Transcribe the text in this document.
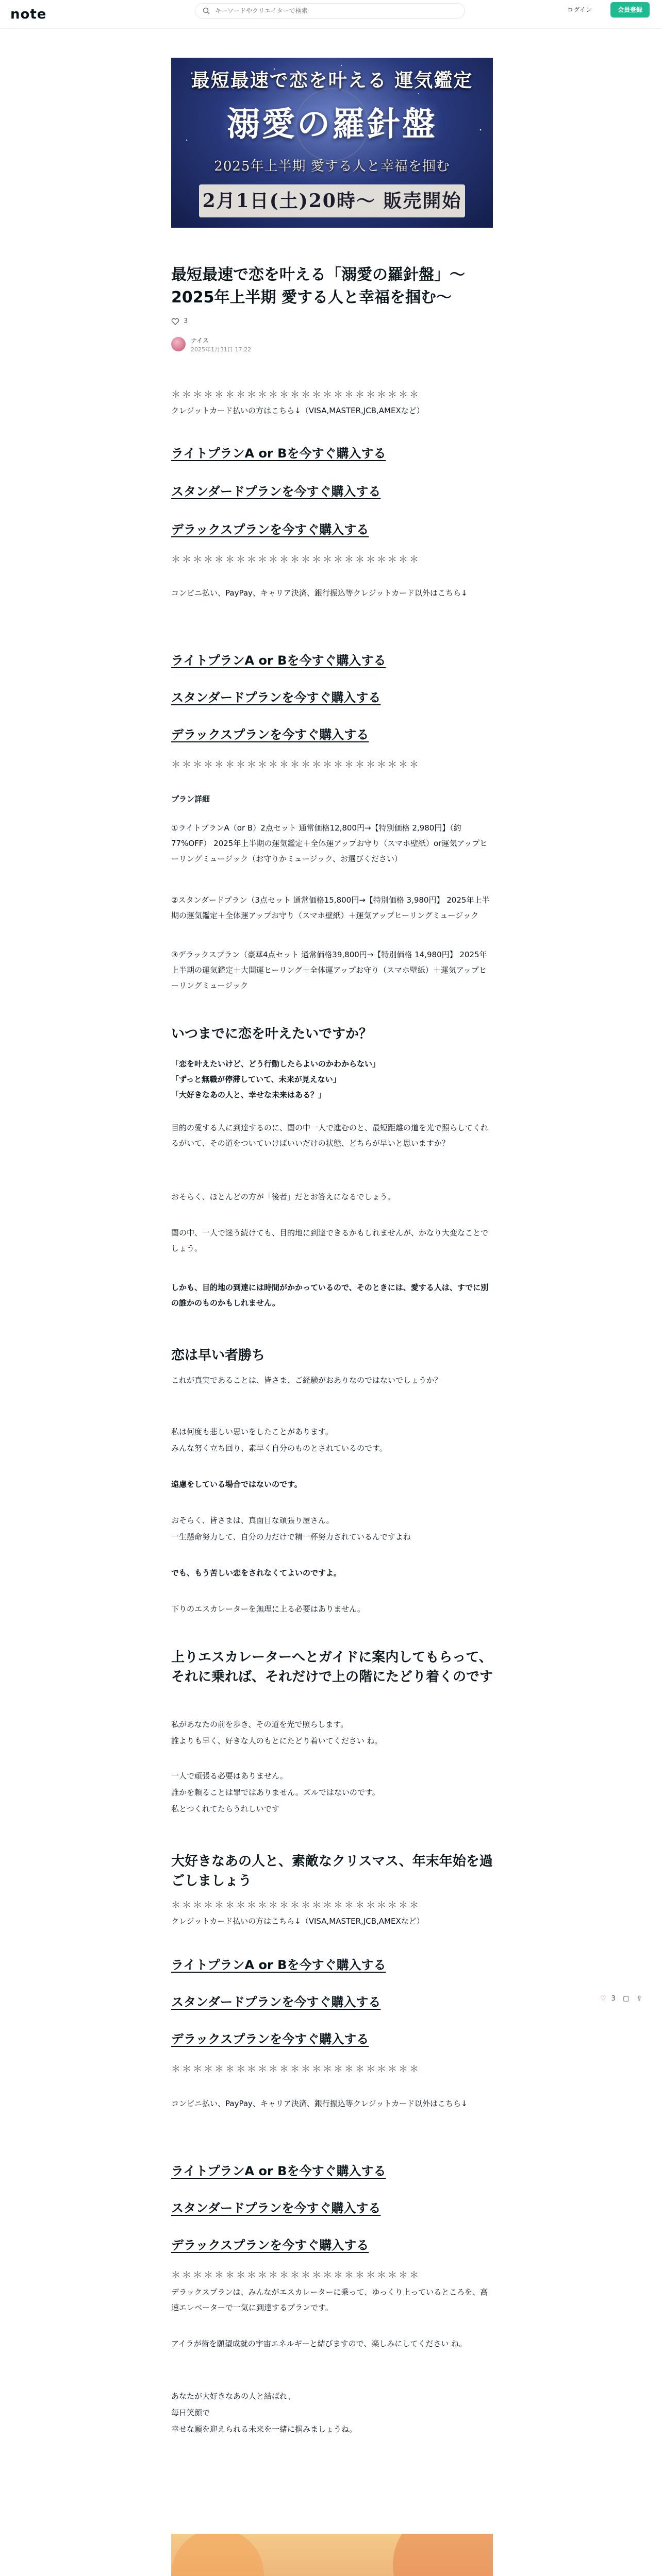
note
キーワードやクリエイターで検索	ログイン	会員登録
最短最速で恋を叶える 運気鑑定
溺愛の羅針盤
2025年上半期 愛する人と幸福を掴む
2月1日(土)20時〜 販売開始
最短最速で恋を叶える「溺愛の羅針盤」〜2025年上半期 愛する人と幸福を掴む〜
3
ナイス
2025年1月31日 17:22
＊＊＊＊＊＊＊＊＊＊＊＊＊＊＊＊＊＊＊＊＊＊＊
クレジットカード払いの方はこちら↓（VISA,MASTER,JCB,AMEXなど）
ライトプランA or Bを今すぐ購入する
スタンダードプランを今すぐ購入する
デラックスプランを今すぐ購入する
＊＊＊＊＊＊＊＊＊＊＊＊＊＊＊＊＊＊＊＊＊＊＊
コンビニ払い、PayPay、キャリア決済、銀行振込等クレジットカード以外はこちら↓
ライトプランA or Bを今すぐ購入する
スタンダードプランを今すぐ購入する
デラックスプランを今すぐ購入する
＊＊＊＊＊＊＊＊＊＊＊＊＊＊＊＊＊＊＊＊＊＊＊
プラン詳細
①ライトプランA（or B）2点セット 通常価格12,800円→【特別価格 2,980円】（約77%OFF） 2025年上半期の運気鑑定＋全体運アップお守り（スマホ壁紙）or運気アップヒーリングミュージック（お守りかミュージック、お選びください）
②スタンダードプラン（3点セット 通常価格15,800円→【特別価格 3,980円】 2025年上半期の運気鑑定＋全体運アップお守り（スマホ壁紙）＋運気アップヒーリングミュージック
③デラックスプラン（豪華4点セット 通常価格39,800円→【特別価格 14,980円】 2025年上半期の運気鑑定＋大開運ヒーリング＋全体運アップお守り（スマホ壁紙）＋運気アップヒーリングミュージック
いつまでに恋を叶えたいですか？
「恋を叶えたいけど、どう行動したらよいのかわからない」
「ずっと無職が停滞していて、未来が見えない」
「大好きなあの人と、幸せな未来はある？」
目的の愛する人に到達するのに、闇の中一人で進むのと、最短距離の道を光で照らしてくれるがいて、その道をついていけばいいだけの状態、どちらが早いと思いますか？
おそらく、ほとんどの方が「後者」だとお答えになるでしょう。
闇の中、一人で迷う続けても、目的地に到達できるかもしれませんが、かなり大変なことでしょう。
しかも、目的地の到達には時間がかかっているので、そのときには、愛する人は、すでに別の誰かのものかもしれません。
恋は早い者勝ち
これが真実であることは、皆さま、ご経験がおありなのではないでしょうか？
私は何度も悲しい思いをしたことがあります。
みんな努く立ち回り、素早く自分のものとされているのです。
遠慮をしている場合ではないのです。
おそらく、皆さまは、真面目な頑張り屋さん。
一生懸命努力して、自分の力だけで精一杯努力されているんですよね
でも、もう苦しい恋をされなくてよいのですよ。
下りのエスカレーターを無理に上る必要はありません。
上りエスカレーターへとガイドに案内してもらって、それに乗れば、それだけで上の階にたどり着くのです
私があなたの前を歩き、その道を光で照らします。
誰よりも早く、好きな人のもとにたどり着いてください ね。
一人で頑張る必要はありません。
誰かを頼ることは罪ではありません。ズルではないのです。
私とつくれてたらうれしいです
大好きなあの人と、素敵なクリスマス、年末年始を過ごしましょう
＊＊＊＊＊＊＊＊＊＊＊＊＊＊＊＊＊＊＊＊＊＊＊
クレジットカード払いの方はこちら↓（VISA,MASTER,JCB,AMEXなど）
ライトプランA or Bを今すぐ購入する
スタンダードプランを今すぐ購入する
デラックスプランを今すぐ購入する
＊＊＊＊＊＊＊＊＊＊＊＊＊＊＊＊＊＊＊＊＊＊＊
コンビニ払い、PayPay、キャリア決済、銀行振込等クレジットカード以外はこちら↓
ライトプランA or Bを今すぐ購入する
スタンダードプランを今すぐ購入する
デラックスプランを今すぐ購入する
＊＊＊＊＊＊＊＊＊＊＊＊＊＊＊＊＊＊＊＊＊＊＊
デラックスプランは、みんながエスカレーターに乗って、ゆっくり上っているところを、高速エレベーターで一気に到達するプランです。
アイラが術を願望成就の宇宙エネルギーと結びますので、楽しみにしてください ね。
あなたが大好きなあの人と結ばれ、
毎日笑顔で
幸せな願を迎えられる未来を一緒に掴みましょうね。
♡ 3 ▢ ⇪
